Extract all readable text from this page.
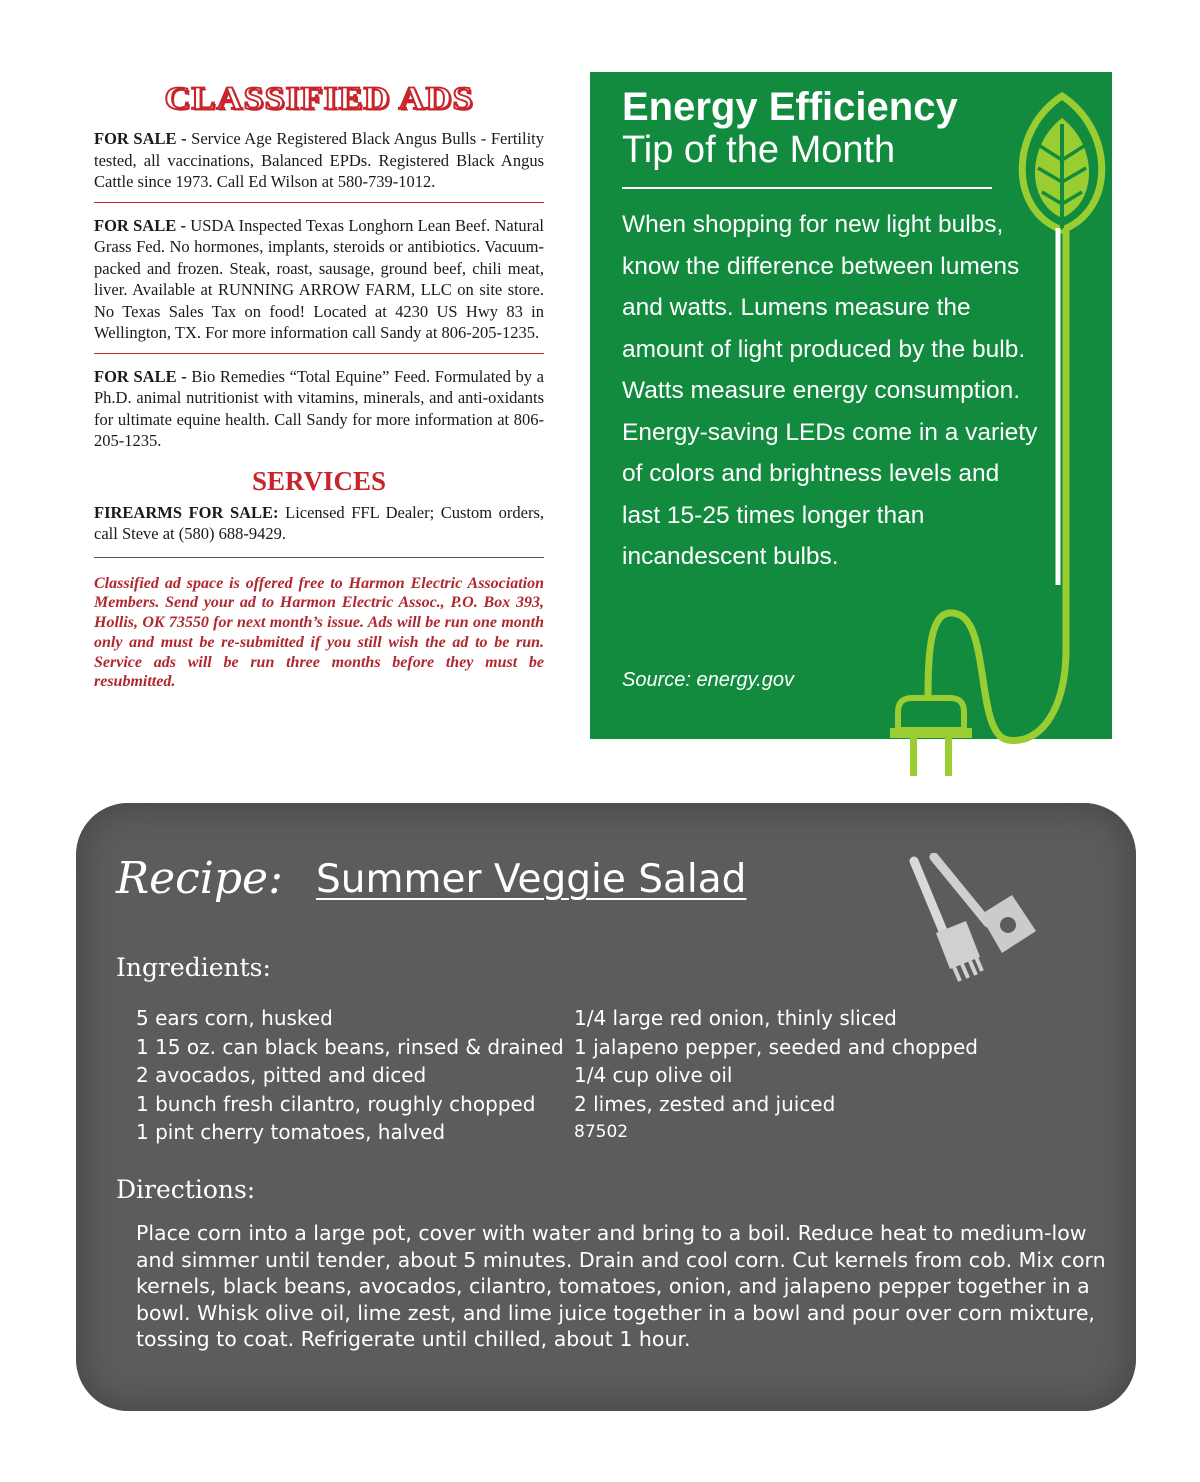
CLASSIFIED ADS

FOR SALE - Service Age Registered Black Angus Bulls - Fertility tested, all vaccinations, Balanced EPDs. Registered Black Angus Cattle since 1973. Call Ed Wilson at 580-739-1012.

FOR SALE - USDA Inspected Texas Longhorn Lean Beef. Natural Grass Fed. No hormones, implants, steroids or antibiotics. Vacuum-packed and frozen. Steak, roast, sausage, ground beef, chili meat, liver. Available at RUNNING ARROW FARM, LLC on site store. No Texas Sales Tax on food! Located at 4230 US Hwy 83 in Wellington, TX. For more information call Sandy at 806-205-1235.

FOR SALE - Bio Remedies “Total Equine” Feed. Formulated by a Ph.D. animal nutritionist with vitamins, minerals, and anti-oxidants for ultimate equine health. Call Sandy for more information at 806-205-1235.

SERVICES

FIREARMS FOR SALE: Licensed FFL Dealer; Custom orders, call Steve at (580) 688-9429.

Classified ad space is offered free to Harmon Electric Association Members. Send your ad to Harmon Electric Assoc., P.O. Box 393, Hollis, OK 73550 for next month’s issue. Ads will be run one month only and must be re-submitted if you still wish the ad to be run. Service ads will be run three months before they must be resubmitted.

Energy Efficiency
Tip of the Month

When shopping for new light bulbs, know the difference between lumens and watts. Lumens measure the amount of light produced by the bulb. Watts measure energy consumption. Energy-saving LEDs come in a variety of colors and brightness levels and last 15-25 times longer than incandescent bulbs.

Source: energy.gov
Recipe: Summer Veggie Salad
Ingredients:
5 ears corn, husked
1 15 oz. can black beans, rinsed & drained
2 avocados, pitted and diced
1 bunch fresh cilantro, roughly chopped
1 pint cherry tomatoes, halved
1/4 large red onion, thinly sliced
1 jalapeno pepper, seeded and chopped
1/4 cup olive oil
2 limes, zested and juiced
87502
Directions:

Place corn into a large pot, cover with water and bring to a boil. Reduce heat to medium-low and simmer until tender, about 5 minutes. Drain and cool corn. Cut kernels from cob. Mix corn kernels, black beans, avocados, cilantro, tomatoes, onion, and jalapeno pepper together in a bowl. Whisk olive oil, lime zest, and lime juice together in a bowl and pour over corn mixture, tossing to coat. Refrigerate until chilled, about 1 hour.
